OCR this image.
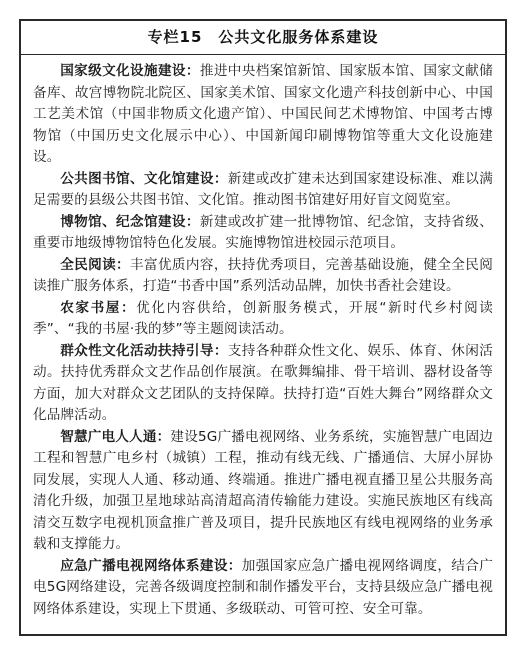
专栏15　公共文化服务体系建设

国家级文化设施建设：推进中央档案馆新馆、国家版本馆、国家文献储备库、故宫博物院北院区、国家美术馆、国家文化遗产科技创新中心、中国工艺美术馆（中国非物质文化遗产馆）、中国民间艺术博物馆、中国考古博物馆（中国历史文化展示中心）、中国新闻印刷博物馆等重大文化设施建设。

公共图书馆、文化馆建设：新建或改扩建未达到国家建设标准、难以满足需要的县级公共图书馆、文化馆。推动图书馆建好用好盲文阅览室。

博物馆、纪念馆建设：新建或改扩建一批博物馆、纪念馆，支持省级、重要市地级博物馆特色化发展。实施博物馆进校园示范项目。

全民阅读：丰富优质内容，扶持优秀项目，完善基础设施，健全全民阅读推广服务体系，打造“书香中国”系列活动品牌，加快书香社会建设。

农家书屋：优化内容供给，创新服务模式，开展“新时代乡村阅读季”、“我的书屋·我的梦”等主题阅读活动。

群众性文化活动扶持引导：支持各种群众性文化、娱乐、体育、休闲活动。扶持优秀群众文艺作品创作展演。在歌舞编排、骨干培训、器材设备等方面，加大对群众文艺团队的支持保障。扶持打造“百姓大舞台”网络群众文化品牌活动。

智慧广电人人通：建设5G广播电视网络、业务系统，实施智慧广电固边工程和智慧广电乡村（城镇）工程，推动有线无线、广播通信、大屏小屏协同发展，实现人人通、移动通、终端通。推进广播电视直播卫星公共服务高清化升级，加强卫星地球站高清超高清传输能力建设。实施民族地区有线高清交互数字电视机顶盒推广普及项目，提升民族地区有线电视网络的业务承载和支撑能力。

应急广播电视网络体系建设：加强国家应急广播电视网络调度，结合广电5G网络建设，完善各级调度控制和制作播发平台，支持县级应急广播电视网络体系建设，实现上下贯通、多级联动、可管可控、安全可靠。
